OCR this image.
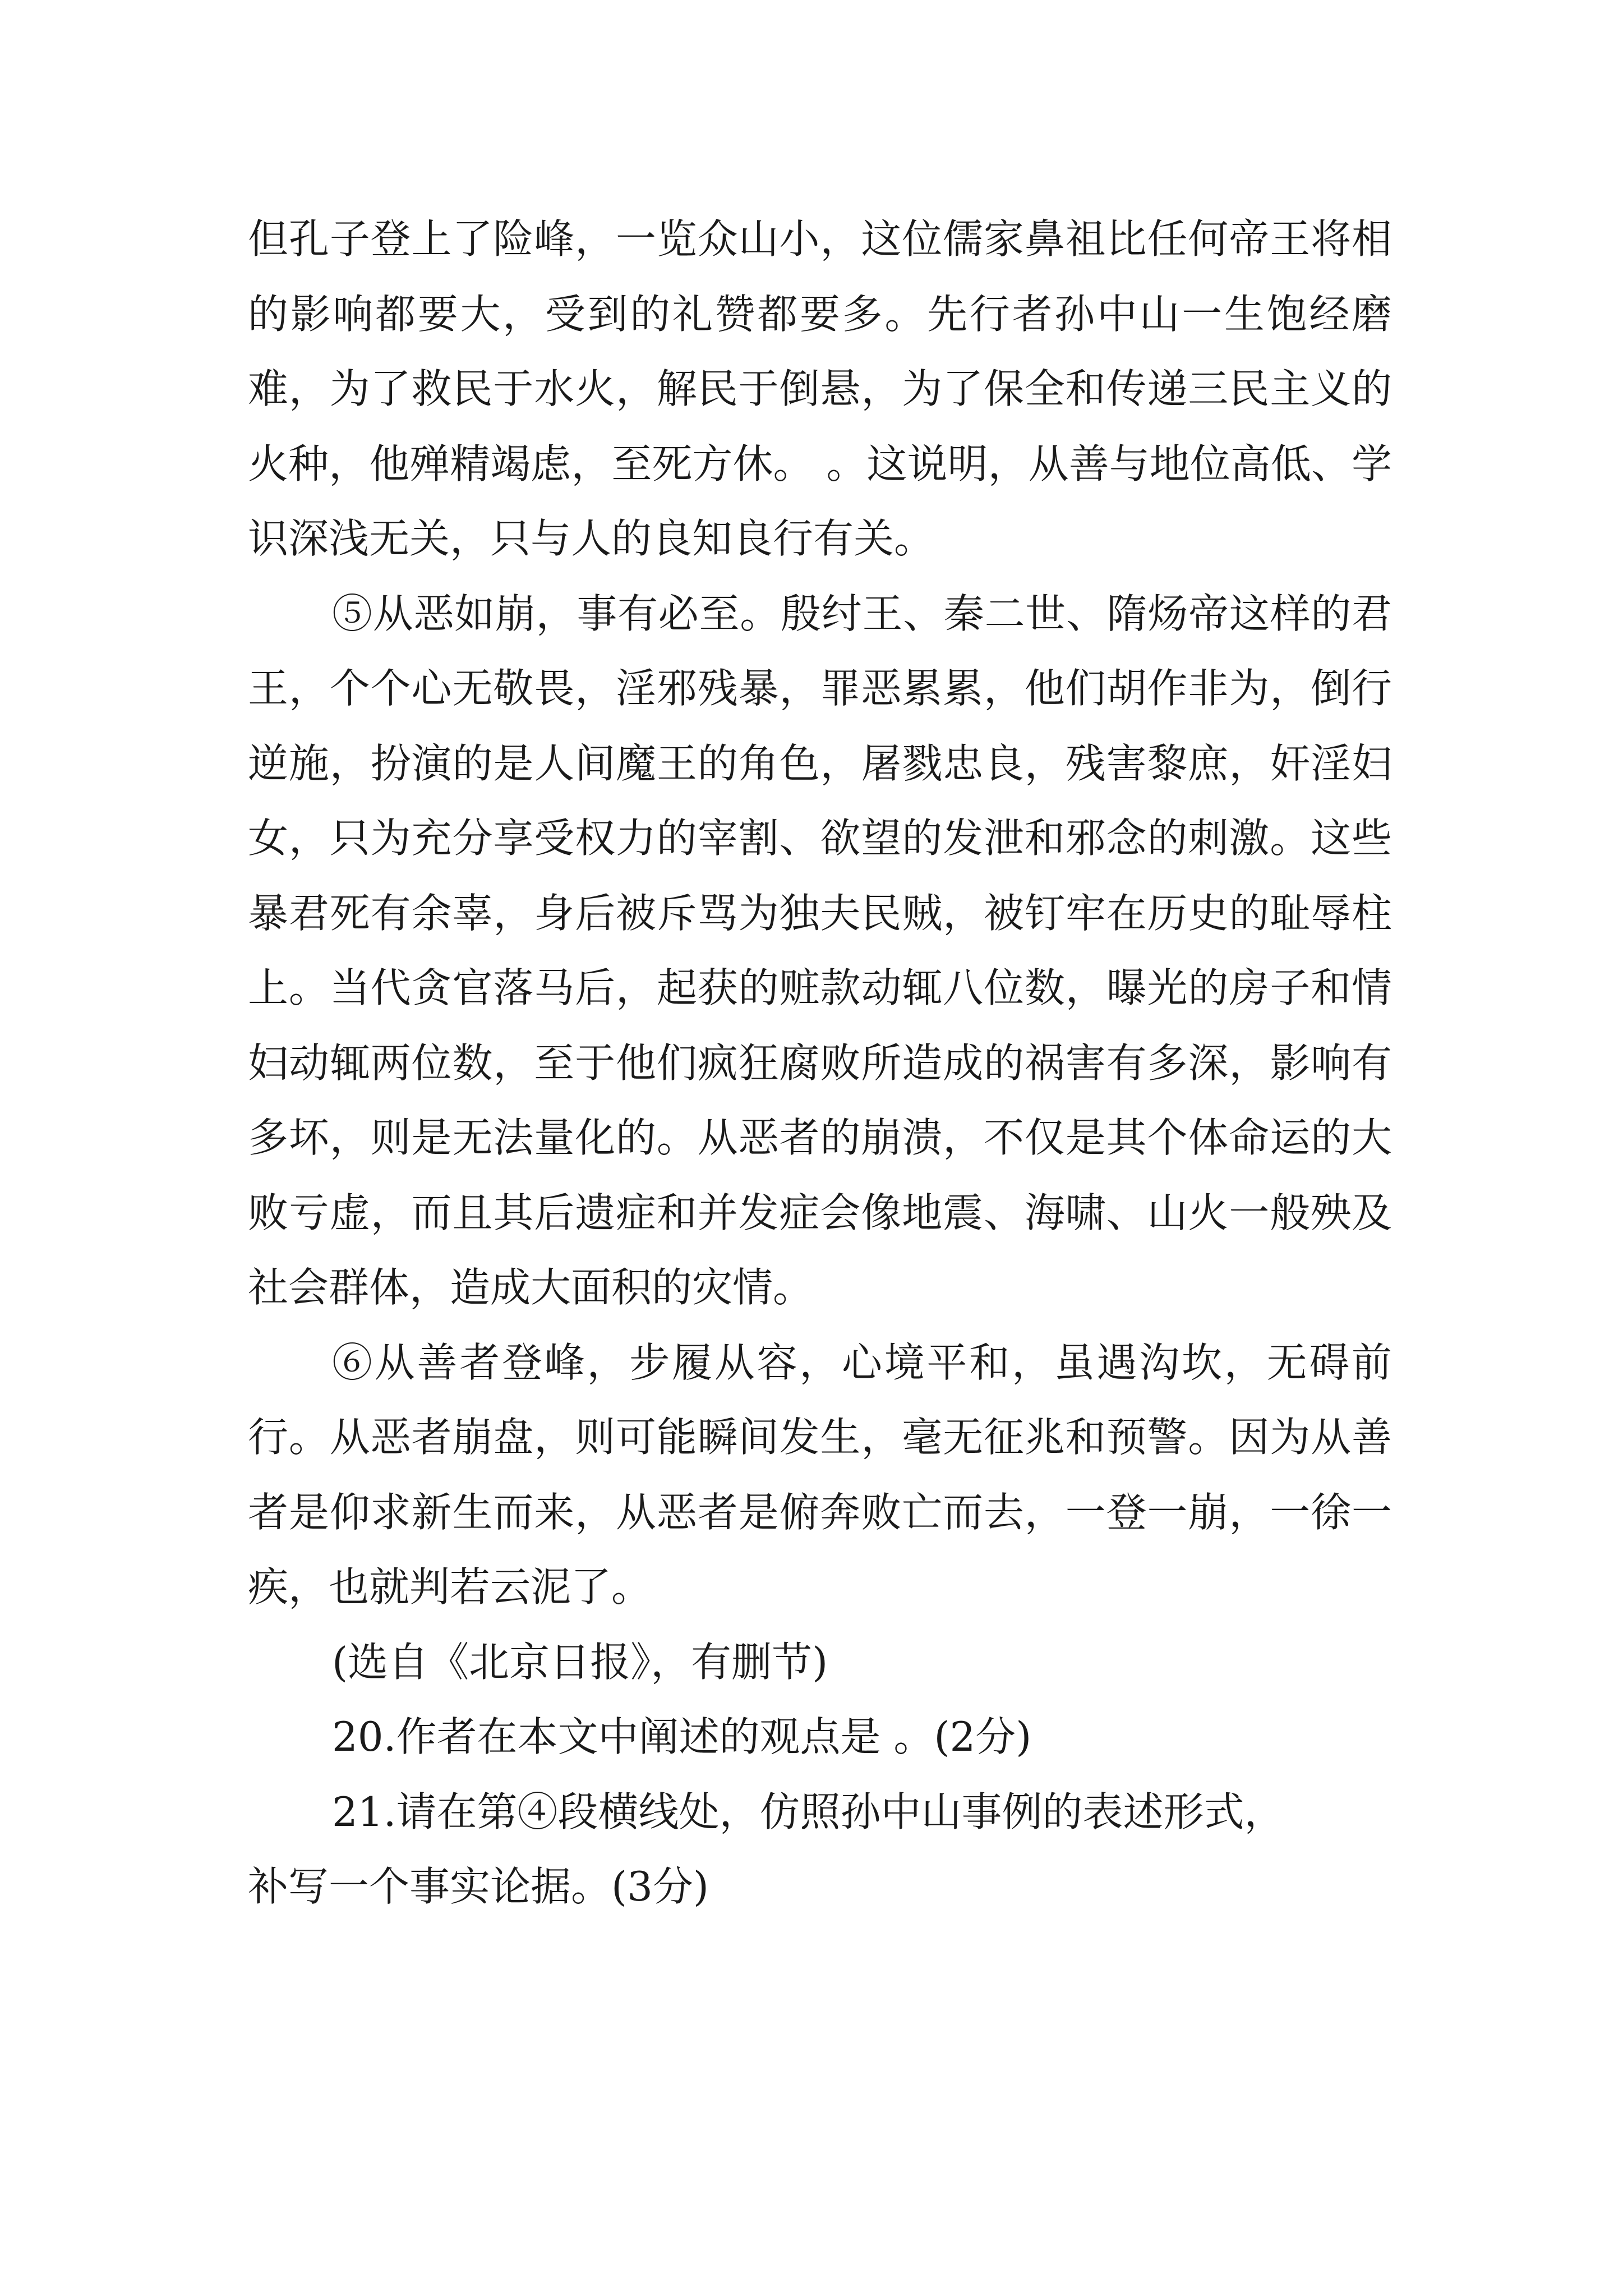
但孔子登上了险峰，一览众山小，这位儒家鼻祖比任何帝王将相的影响都要大，受到的礼赞都要多。先行者孙中山一生饱经磨难，为了救民于水火，解民于倒悬，为了保全和传递三民主义的火种，他殚精竭虑，至死方休。 。这说明，从善与地位高低、学识深浅无关，只与人的良知良行有关。

⑤从恶如崩，事有必至。殷纣王、秦二世、隋炀帝这样的君王，个个心无敬畏，淫邪残暴，罪恶累累，他们胡作非为，倒行逆施，扮演的是人间魔王的角色，屠戮忠良，残害黎庶，奸淫妇女，只为充分享受权力的宰割、欲望的发泄和邪念的刺激。这些暴君死有余辜，身后被斥骂为独夫民贼，被钉牢在历史的耻辱柱上。当代贪官落马后，起获的赃款动辄八位数，曝光的房子和情妇动辄两位数，至于他们疯狂腐败所造成的祸害有多深，影响有多坏，则是无法量化的。从恶者的崩溃，不仅是其个体命运的大败亏虚，而且其后遗症和并发症会像地震、海啸、山火一般殃及社会群体，造成大面积的灾情。

⑥从善者登峰，步履从容，心境平和，虽遇沟坎，无碍前行。从恶者崩盘，则可能瞬间发生，毫无征兆和预警。因为从善者是仰求新生而来，从恶者是俯奔败亡而去，一登一崩，一徐一疾，也就判若云泥了。

(选自《北京日报》，有删节)

20.作者在本文中阐述的观点是 。(2分)

21.请在第④段横线处，仿照孙中山事例的表述形式，

补写一个事实论据。(3分)
